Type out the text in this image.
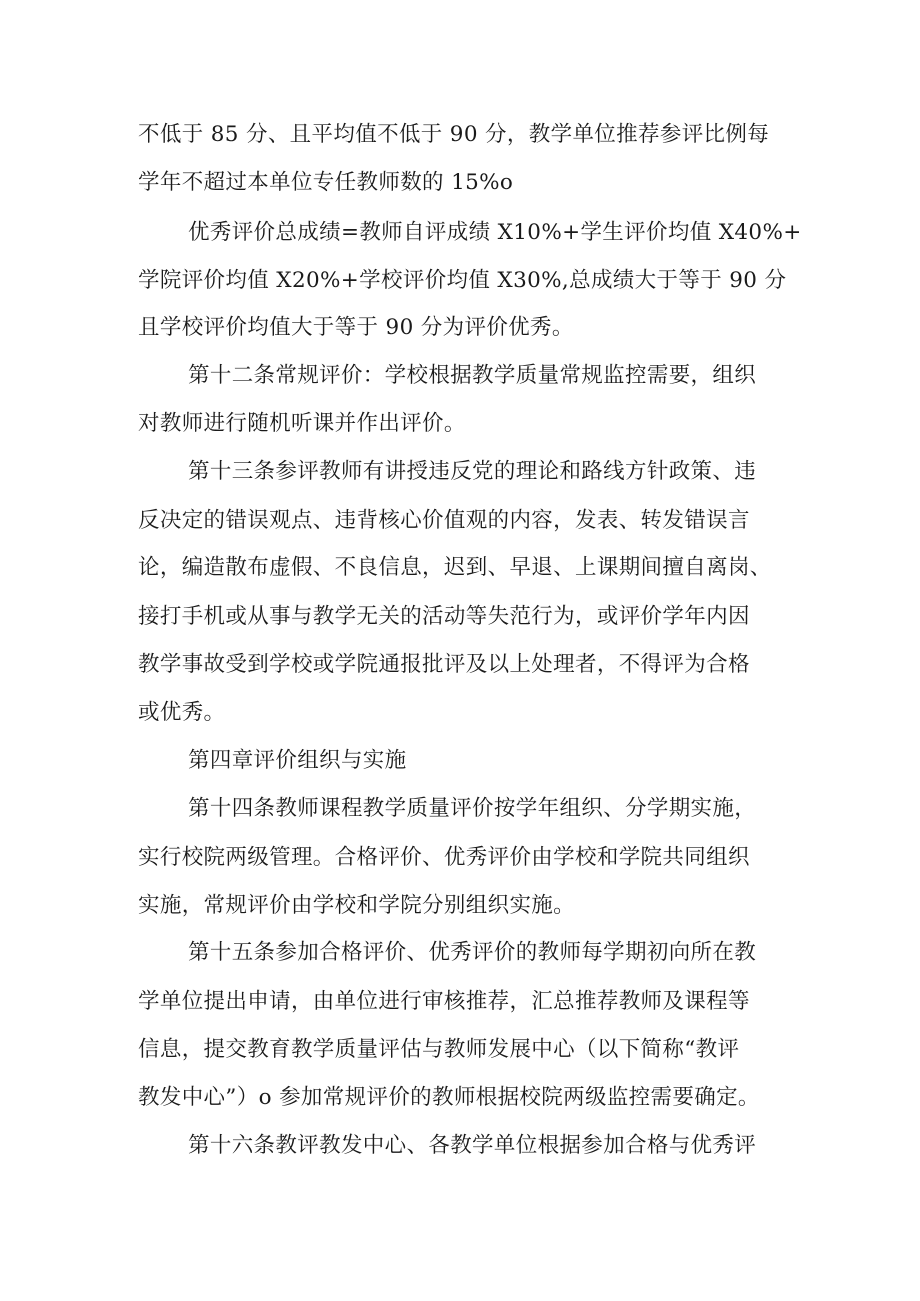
不低于 85 分、且平均值不低于 90 分，教学单位推荐参评比例每
学年不超过本单位专任教师数的 15%o
优秀评价总成绩=教师自评成绩 X10%+学生评价均值 X40%+
学院评价均值 X20%+学校评价均值 X30%,总成绩大于等于 90 分
且学校评价均值大于等于 90 分为评价优秀。
第十二条常规评价：学校根据教学质量常规监控需要，组织
对教师进行随机听课并作出评价。
第十三条参评教师有讲授违反党的理论和路线方针政策、违
反决定的错误观点、违背核心价值观的内容，发表、转发错误言
论，编造散布虚假、不良信息，迟到、早退、上课期间擅自离岗、
接打手机或从事与教学无关的活动等失范行为，或评价学年内因
教学事故受到学校或学院通报批评及以上处理者，不得评为合格
或优秀。
第四章评价组织与实施
第十四条教师课程教学质量评价按学年组织、分学期实施，
实行校院两级管理。合格评价、优秀评价由学校和学院共同组织
实施，常规评价由学校和学院分别组织实施。
第十五条参加合格评价、优秀评价的教师每学期初向所在教
学单位提出申请，由单位进行审核推荐，汇总推荐教师及课程等
信息，提交教育教学质量评估与教师发展中心（以下简称“教评
教发中心”）o 参加常规评价的教师根据校院两级监控需要确定。
第十六条教评教发中心、各教学单位根据参加合格与优秀评
